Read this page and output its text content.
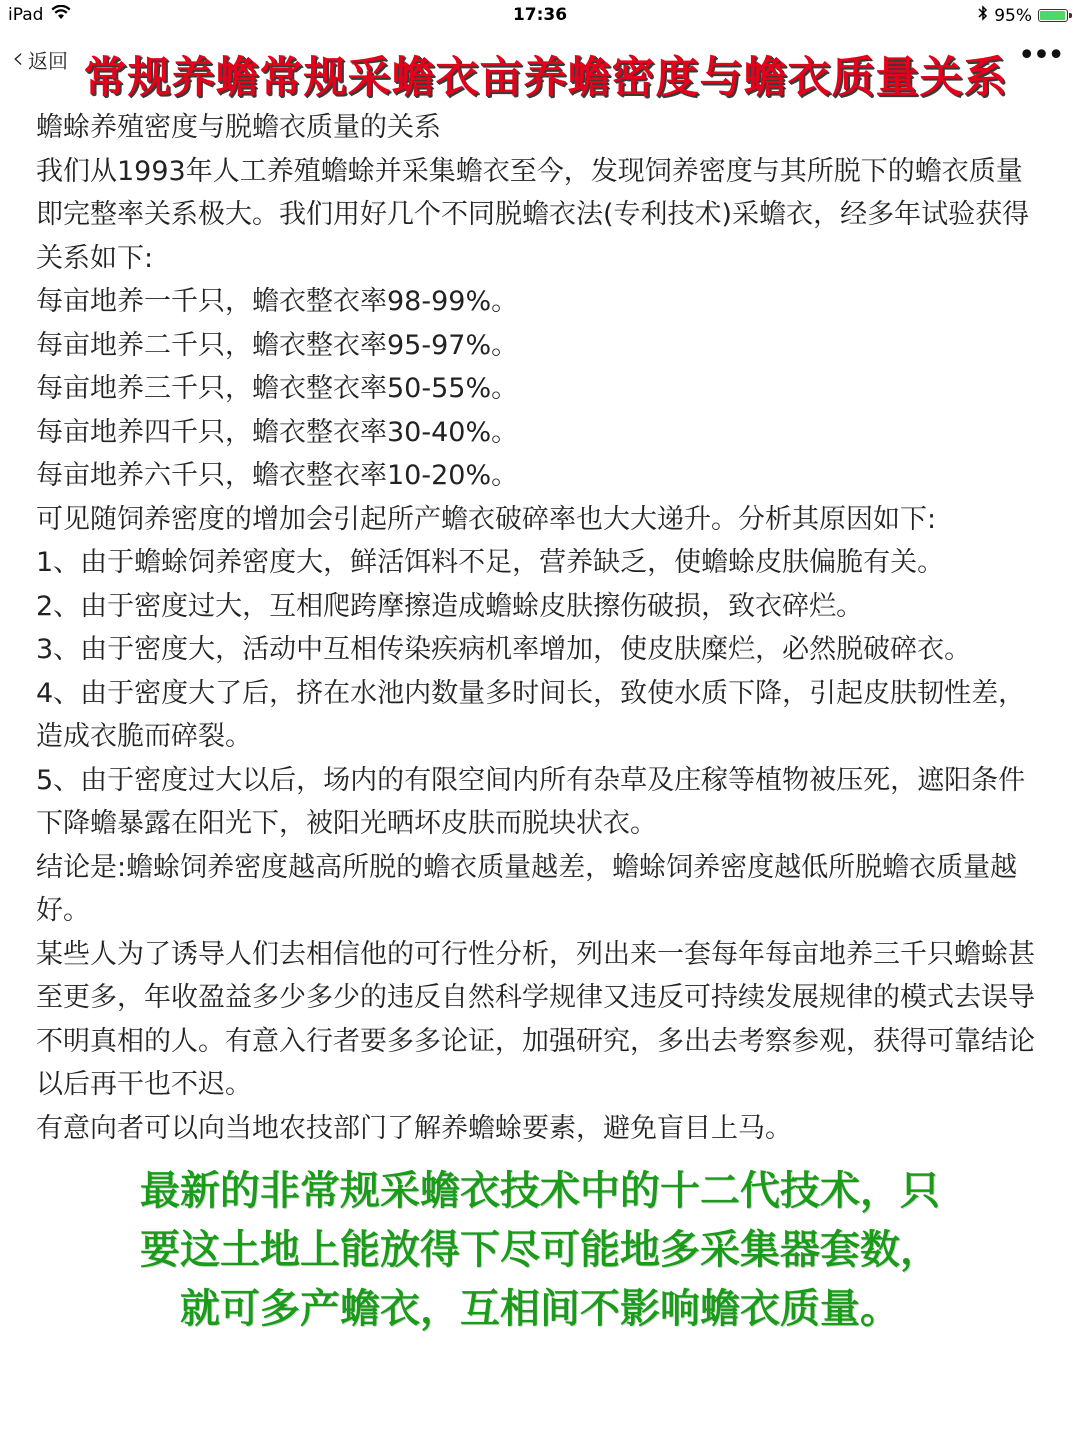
iPad	17:36	95%
‹ 返回 常规养蟾常规采蟾衣亩养蟾密度与蟾衣质量关系 •••

蟾蜍养殖密度与脱蟾衣质量的关系

我们从1993年人工养殖蟾蜍并采集蟾衣至今，发现饲养密度与其所脱下的蟾衣质量即完整率关系极大。我们用好几个不同脱蟾衣法(专利技术)采蟾衣，经多年试验获得关系如下:

每亩地养一千只，蟾衣整衣率98-99%。

每亩地养二千只，蟾衣整衣率95-97%。

每亩地养三千只，蟾衣整衣率50-55%。

每亩地养四千只，蟾衣整衣率30-40%。

每亩地养六千只，蟾衣整衣率10-20%。

可见随饲养密度的增加会引起所产蟾衣破碎率也大大递升。分析其原因如下:

1、由于蟾蜍饲养密度大，鲜活饵料不足，营养缺乏，使蟾蜍皮肤偏脆有关。

2、由于密度过大，互相爬跨摩擦造成蟾蜍皮肤擦伤破损，致衣碎烂。

3、由于密度大，活动中互相传染疾病机率增加，使皮肤糜烂，必然脱破碎衣。

4、由于密度大了后，挤在水池内数量多时间长，致使水质下降，引起皮肤韧性差，造成衣脆而碎裂。

5、由于密度过大以后，场内的有限空间内所有杂草及庄稼等植物被压死，遮阳条件下降蟾暴露在阳光下，被阳光晒坏皮肤而脱块状衣。

结论是:蟾蜍饲养密度越高所脱的蟾衣质量越差，蟾蜍饲养密度越低所脱蟾衣质量越好。

某些人为了诱导人们去相信他的可行性分析，列出来一套每年每亩地养三千只蟾蜍甚至更多，年收盈益多少多少的违反自然科学规律又违反可持续发展规律的模式去误导不明真相的人。有意入行者要多多论证，加强研究，多出去考察参观，获得可靠结论以后再干也不迟。

有意向者可以向当地农技部门了解养蟾蜍要素，避免盲目上马。

最新的非常规采蟾衣技术中的十二代技术，只
要这土地上能放得下尽可能地多采集器套数，
就可多产蟾衣，互相间不影响蟾衣质量。
